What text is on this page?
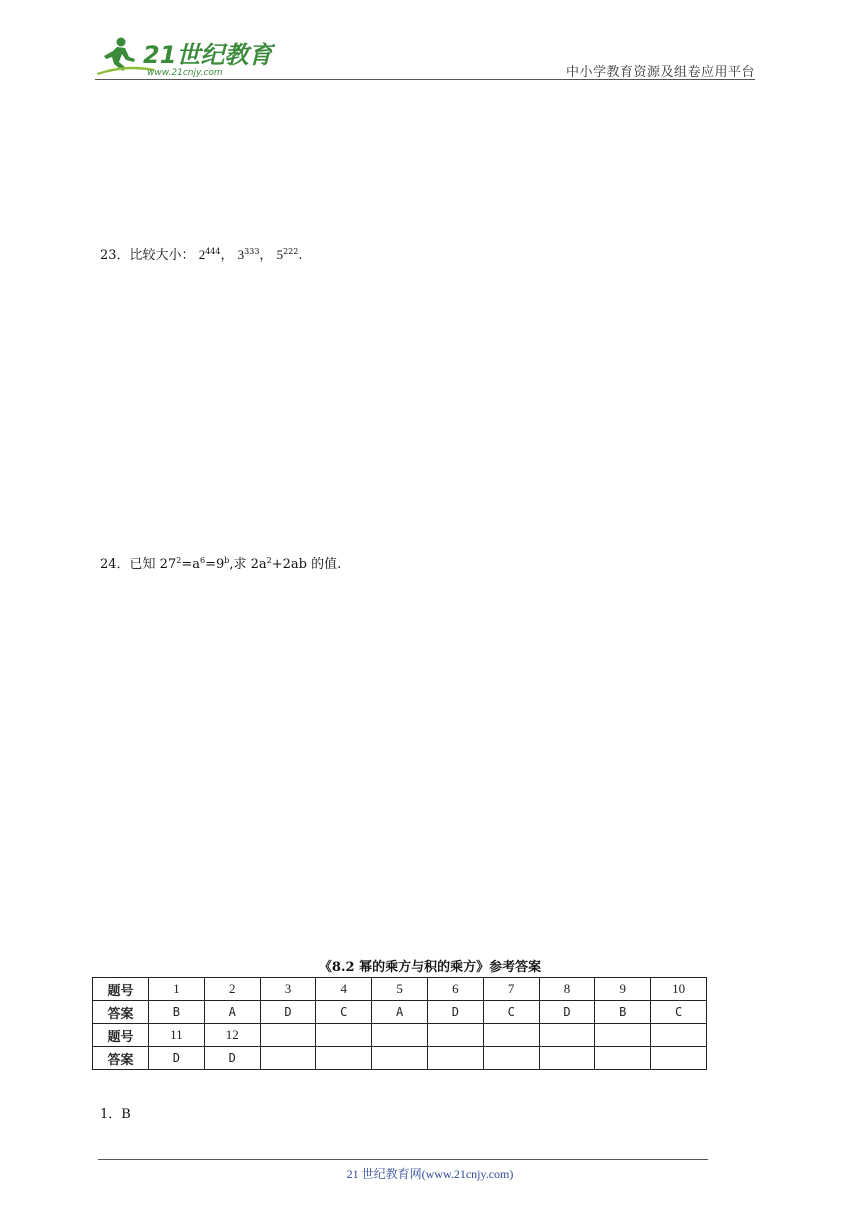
21世纪教育
www.21cnjy.com	中小学教育资源及组卷应用平台
23．比较大小： $2^{444}$， $3^{333}$， $5^{222}$.
24．已知 $27^2=a^6=9^b$,求 $2a^2+2ab$ 的值.
《8.2 幂的乘方与积的乘方》参考答案
题号	1	2	3	4	5	6	7	8	9	10
答案	B	A	D	C	A	D	C	D	B	C
题号	11	12								
答案	D	D								
1．B
21 世纪教育网(www.21cnjy.com)
